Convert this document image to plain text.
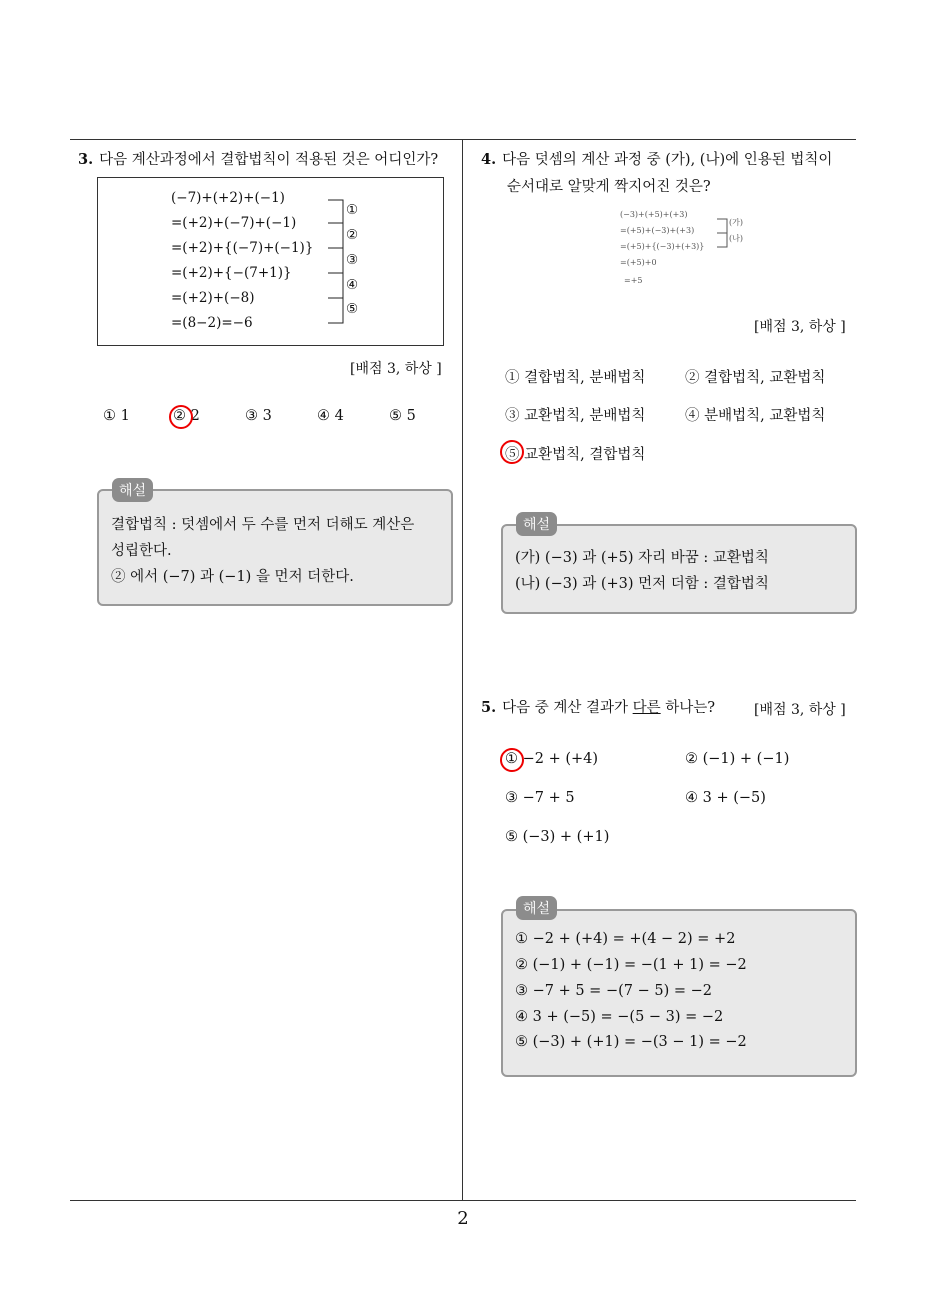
3. 다음 계산과정에서 결합법칙이 적용된 것은 어디인가?
(−7)+(+2)+(−1)
=(+2)+(−7)+(−1)
=(+2)+{(−7)+(−1)}
=(+2)+{−(7+1)}
=(+2)+(−8)
=(8−2)=−6
①
②
③
④
⑤
[배점 3, 하상 ]
① 1	② 2	③ 3	④ 4	⑤ 5
결합법칙 : 덧셈에서 두 수를 먼저 더해도 계산은
성립한다.
② 에서 (−7) 과 (−1) 을 먼저 더한다.
해설
4. 다음 덧셈의 계산 과정 중 (가), (나)에 인용된 법칙이
순서대로 알맞게 짝지어진 것은?
(−3)+(+5)+(+3)
=(+5)+(−3)+(+3)
=(+5)+{(−3)+(+3)}
=(+5)+0
=+5
(가)
(나)
[배점 3, 하상 ]
① 결합법칙, 분배법칙	② 결합법칙, 교환법칙
③ 교환법칙, 분배법칙	④ 분배법칙, 교환법칙
⑤ 교환법칙, 결합법칙
(가) (−3) 과 (+5) 자리 바꿈 : 교환법칙
(나) (−3) 과 (+3) 먼저 더함 : 결합법칙
해설
5. 다음 중 계산 결과가 다른 하나는?	[배점 3, 하상 ]
① −2 + (+4)	② (−1) + (−1)
③ −7 + 5	④ 3 + (−5)
⑤ (−3) + (+1)
① −2 + (+4) = +(4 − 2) = +2
② (−1) + (−1) = −(1 + 1) = −2
③ −7 + 5 = −(7 − 5) = −2
④ 3 + (−5) = −(5 − 3) = −2
⑤ (−3) + (+1) = −(3 − 1) = −2
해설
2
